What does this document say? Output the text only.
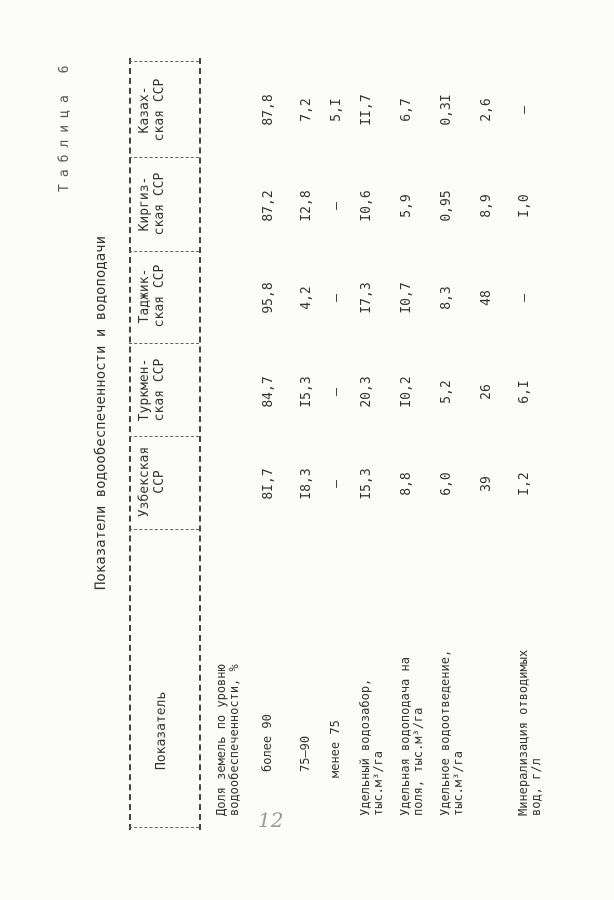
Таблица 6
Показатели водообеспеченности и водоподачи
Показатель
Узбекская ССР
Туркмен- ская ССР
Таджик- ская ССР
Киргиз- ская ССР
Казах- ская ССР
Доля земель по уровню водообеспеченности, % более 90
8I,7
84,7
95,8
87,2
87,8
75–90
I8,3
I5,3
4,2
I2,8
7,2
менее 75
–
–
–
–
5,I
Удельный водозабор, тыс.м³/га
I5,3
20,3
I7,3
I0,6
II,7
Удельная водоподача на поля, тыс.м³/га
8,8
I0,2
I0,7
5,9
6,7
Удельное водоотведение, тыс.м³/га
6,0
5,2
8,3
0,95
0,3I
39
26
48
8,9
2,6
Минерализация отводимых вод, г/л
I,2
6,I
–
I,0
–
12
